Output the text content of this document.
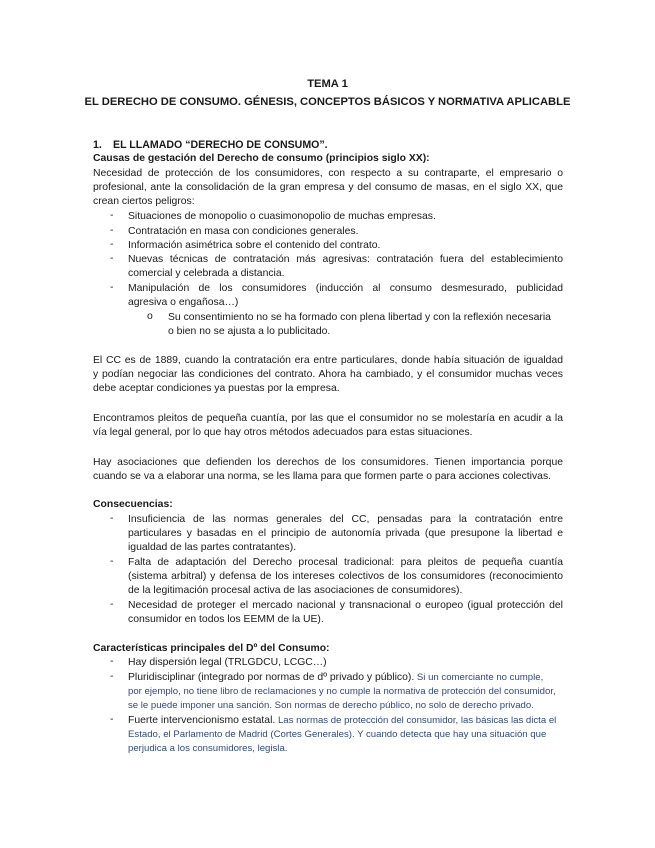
TEMA 1
EL DERECHO DE CONSUMO. GÉNESIS, CONCEPTOS BÁSICOS Y NORMATIVA APLICABLE
1. EL LLAMADO “DERECHO DE CONSUMO”.
Causas de gestación del Derecho de consumo (principios siglo XX):
Necesidad de protección de los consumidores, con respecto a su contraparte, el empresario o
profesional, ante la consolidación de la gran empresa y del consumo de masas, en el siglo XX, que
crean ciertos peligros:
- Situaciones de monopolio o cuasimonopolio de muchas empresas.
- Contratación en masa con condiciones generales.
- Información asimétrica sobre el contenido del contrato.
- Nuevas técnicas de contratación más agresivas: contratación fuera del establecimiento
comercial y celebrada a distancia.
- Manipulación de los consumidores (inducción al consumo desmesurado, publicidad
agresiva o engañosa…)
o Su consentimiento no se ha formado con plena libertad y con la reflexión necesaria
o bien no se ajusta a lo publicitado.
El CC es de 1889, cuando la contratación era entre particulares, donde había situación de igualdad
y podían negociar las condiciones del contrato. Ahora ha cambiado, y el consumidor muchas veces
debe aceptar condiciones ya puestas por la empresa.
Encontramos pleitos de pequeña cuantía, por las que el consumidor no se molestaría en acudir a la
vía legal general, por lo que hay otros métodos adecuados para estas situaciones.
Hay asociaciones que defienden los derechos de los consumidores. Tienen importancia porque
cuando se va a elaborar una norma, se les llama para que formen parte o para acciones colectivas.
Consecuencias:
- Insuficiencia de las normas generales del CC, pensadas para la contratación entre
particulares y basadas en el principio de autonomía privada (que presupone la libertad e
igualdad de las partes contratantes).
- Falta de adaptación del Derecho procesal tradicional: para pleitos de pequeña cuantía
(sistema arbitral) y defensa de los intereses colectivos de los consumidores (reconocimiento
de la legitimación procesal activa de las asociaciones de consumidores).
- Necesidad de proteger el mercado nacional y transnacional o europeo (igual protección del
consumidor en todos los EEMM de la UE).
Características principales del Dº del Consumo:
- Hay dispersión legal (TRLGDCU, LCGC…)
- Pluridisciplinar (integrado por normas de dº privado y público). Si un comerciante no cumple,
por ejemplo, no tiene libro de reclamaciones y no cumple la normativa de protección del consumidor,
se le puede imponer una sanción. Son normas de derecho público, no solo de derecho privado.
- Fuerte intervencionismo estatal. Las normas de protección del consumidor, las básicas las dicta el
Estado, el Parlamento de Madrid (Cortes Generales). Y cuando detecta que hay una situación que
perjudica a los consumidores, legisla.
